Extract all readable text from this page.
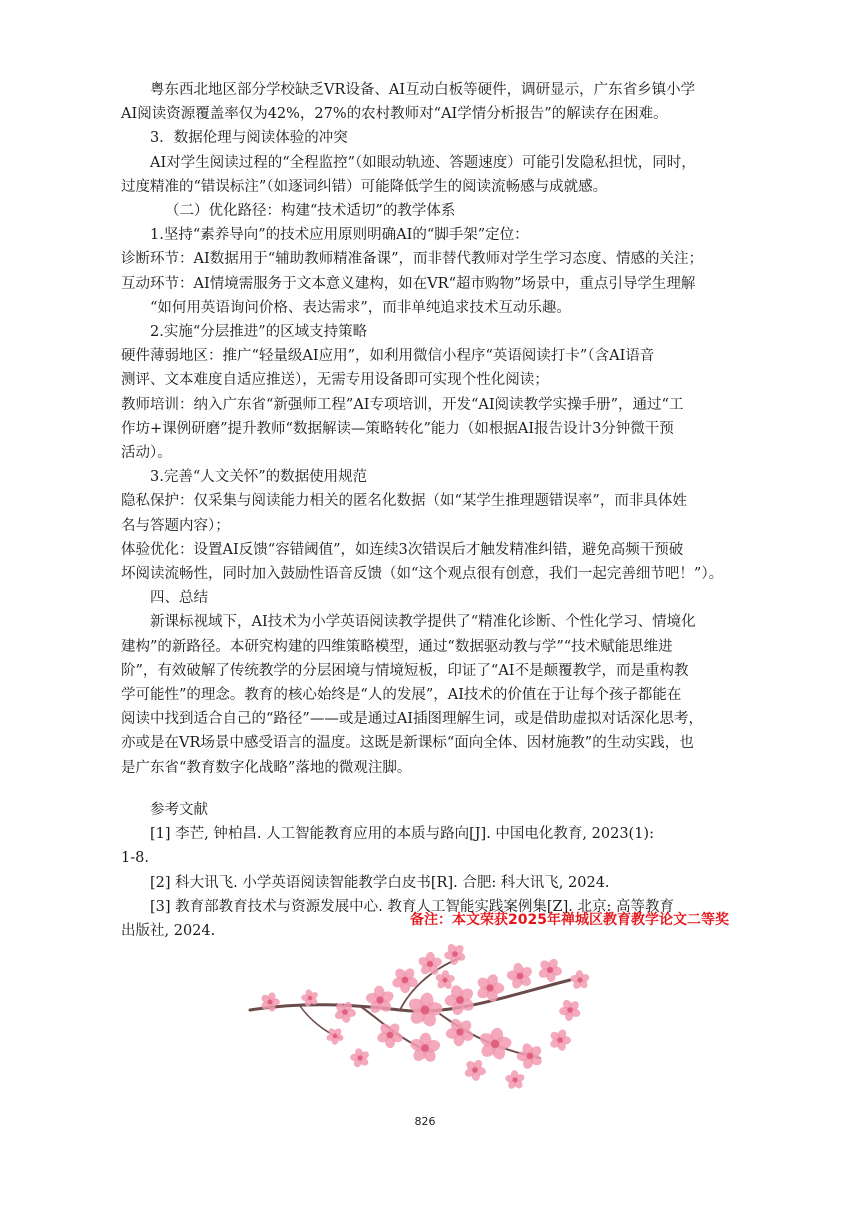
粤东西北地区部分学校缺乏VR设备、AI互动白板等硬件，调研显示，广东省乡镇小学
AI阅读资源覆盖率仅为42%，27%的农村教师对“AI学情分析报告”的解读存在困难。
3．数据伦理与阅读体验的冲突
AI对学生阅读过程的“全程监控”（如眼动轨迹、答题速度）可能引发隐私担忧，同时，
过度精准的“错误标注”（如逐词纠错）可能降低学生的阅读流畅感与成就感。
（二）优化路径：构建“技术适切”的教学体系
1.坚持“素养导向”的技术应用原则明确AI的“脚手架”定位：
诊断环节：AI数据用于“辅助教师精准备课”，而非替代教师对学生学习态度、情感的关注；
互动环节：AI情境需服务于文本意义建构，如在VR“超市购物”场景中，重点引导学生理解
“如何用英语询问价格、表达需求”，而非单纯追求技术互动乐趣。
2.实施“分层推进”的区域支持策略
硬件薄弱地区：推广“轻量级AI应用”，如利用微信小程序“英语阅读打卡”（含AI语音
测评、文本难度自适应推送），无需专用设备即可实现个性化阅读；
教师培训：纳入广东省“新强师工程”AI专项培训，开发“AI阅读教学实操手册”，通过“工
作坊+课例研磨”提升教师“数据解读—策略转化”能力（如根据AI报告设计3分钟微干预
活动）。
3.完善“人文关怀”的数据使用规范
隐私保护：仅采集与阅读能力相关的匿名化数据（如“某学生推理题错误率”，而非具体姓
名与答题内容）；
体验优化：设置AI反馈“容错阈值”，如连续3次错误后才触发精准纠错，避免高频干预破
坏阅读流畅性，同时加入鼓励性语音反馈（如“这个观点很有创意，我们一起完善细节吧！”）。
四、总结
新课标视域下，AI技术为小学英语阅读教学提供了“精准化诊断、个性化学习、情境化
建构”的新路径。本研究构建的四维策略模型，通过“数据驱动教与学”“技术赋能思维进
阶”，有效破解了传统教学的分层困境与情境短板，印证了“AI不是颠覆教学，而是重构教
学可能性”的理念。教育的核心始终是“人的发展”，AI技术的价值在于让每个孩子都能在
阅读中找到适合自己的“路径”——或是通过AI插图理解生词，或是借助虚拟对话深化思考，
亦或是在VR场景中感受语言的温度。这既是新课标“面向全体、因材施教”的生动实践，也
是广东省“教育数字化战略”落地的微观注脚。
参考文献
[1] 李芒, 钟柏昌. 人工智能教育应用的本质与路向[J]. 中国电化教育, 2023(1):
1-8.
[2] 科大讯飞. 小学英语阅读智能教学白皮书[R]. 合肥: 科大讯飞, 2024.
[3] 教育部教育技术与资源发展中心. 教育人工智能实践案例集[Z]. 北京: 高等教育
出版社, 2024.
备注：本文荣获2025年禅城区教育教学论文二等奖
826
